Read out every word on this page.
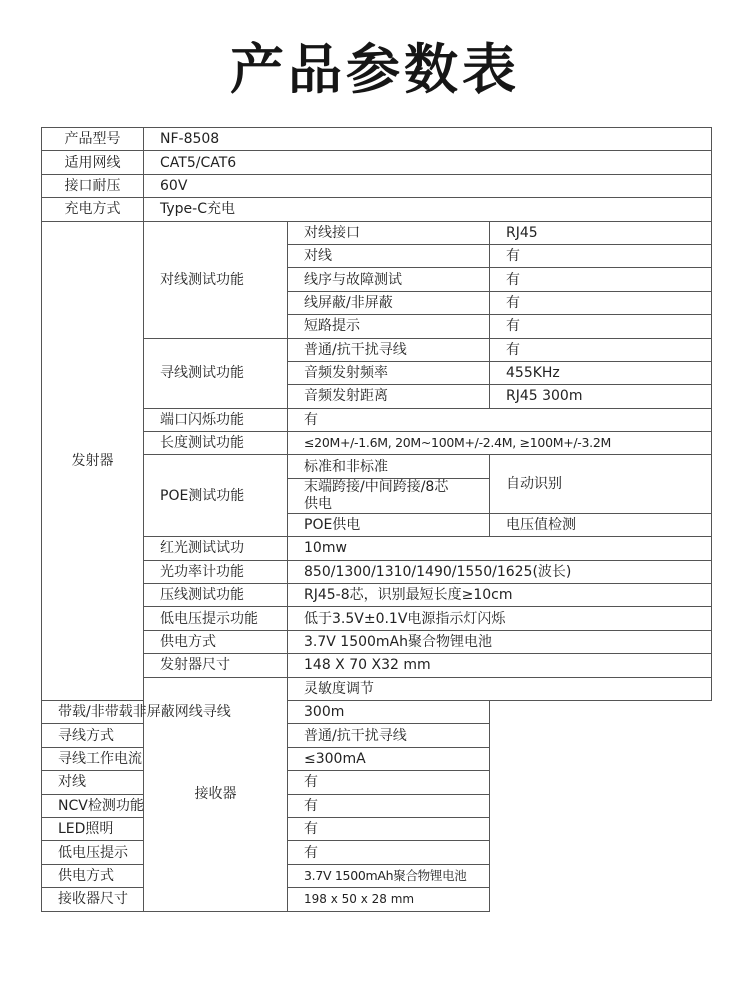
产品参数表
产品型号	NF-8508			
适用网线	CAT5/CAT6			
接口耐压	60V			
充电方式	Type-C充电			
发射器	对线测试功能	对线接口	RJ45	
		对线	有	
		线序与故障测试	有	
		线屏蔽/非屏蔽	有	
		短路提示	有	
	寻线测试功能	普通/抗干扰寻线	有	
		音频发射频率	455KHz	
		音频发射距离	RJ45 300m	
	端口闪烁功能	有		
	长度测试功能	≤20M+/-1.6M, 20M~100M+/-2.4M, ≥100M+/-3.2M		
	POE测试功能	标准和非标准	自动识别	
		末端跨接/中间跨接/8芯供电		
		POE供电	电压值检测	
	红光测试试功	10mw		
	光功率计功能	850/1300/1310/1490/1550/1625(波长)		
	压线测试功能	RJ45-8芯，识别最短长度≥10cm		
	低电压提示功能	低于3.5V±0.1V电源指示灯闪烁		
	供电方式	3.7V 1500mAh聚合物锂电池		
	发射器尺寸	148 X 70 X32 mm		
	接收器	灵敏度调节	
带载/非带载非屏蔽网线寻线		300m		
寻线方式		普通/抗干扰寻线		
寻线工作电流		≤300mA		
对线		有		
NCV检测功能		有		
LED照明		有		
低电压提示		有		
供电方式		3.7V 1500mAh聚合物锂电池		
接收器尺寸		198 x 50 x 28 mm		
